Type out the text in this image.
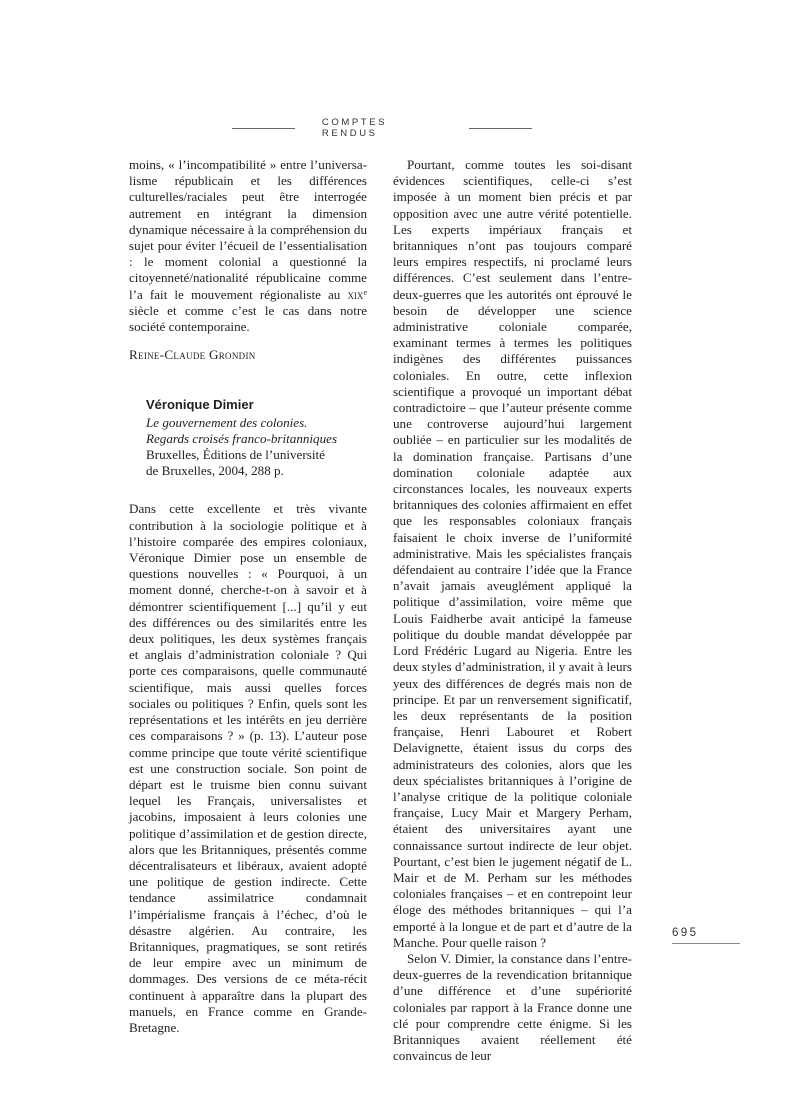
COMPTES RENDUS

moins, « l’incompatibilité » entre l’universa-lisme républicain et les différences culturelles/raciales peut être interrogée autrement en intégrant la dimension dynamique nécessaire à la compréhension du sujet pour éviter l’écueil de l’essentialisation : le moment colonial a questionné la citoyenneté/nationalité républicaine comme l’a fait le mouvement régionaliste au xix$^e$ siècle et comme c’est le cas dans notre société contemporaine.

Reine-Claude Grondin

Véronique Dimier
Le gouvernement des colonies.
Regards croisés franco-britanniques
Bruxelles, Éditions de l’université
de Bruxelles, 2004, 288 p.

Dans cette excellente et très vivante contribution à la sociologie politique et à l’histoire comparée des empires coloniaux, Véronique Dimier pose un ensemble de questions nouvelles : « Pourquoi, à un moment donné, cherche-t-on à savoir et à démontrer scientifiquement [...] qu’il y eut des différences ou des similarités entre les deux politiques, les deux systèmes français et anglais d’administration coloniale ? Qui porte ces comparaisons, quelle communauté scientifique, mais aussi quelles forces sociales ou politiques ? Enfin, quels sont les représentations et les intérêts en jeu derrière ces comparaisons ? » (p. 13). L’auteur pose comme principe que toute vérité scientifique est une construction sociale. Son point de départ est le truisme bien connu suivant lequel les Français, universalistes et jacobins, imposaient à leurs colonies une politique d’assimilation et de gestion directe, alors que les Britanniques, présentés comme décentralisateurs et libéraux, avaient adopté une politique de gestion indirecte. Cette tendance assimilatrice condamnait l’impérialisme français à l’échec, d’où le désastre algérien. Au contraire, les Britanniques, pragmatiques, se sont retirés de leur empire avec un minimum de dommages. Des versions de ce méta-récit continuent à apparaître dans la plupart des manuels, en France comme en Grande-Bretagne.

Pourtant, comme toutes les soi-disant évidences scientifiques, celle-ci s’est imposée à un moment bien précis et par opposition avec une autre vérité potentielle. Les experts impériaux français et britanniques n’ont pas toujours comparé leurs empires respectifs, ni proclamé leurs différences. C’est seulement dans l’entre-deux-guerres que les autorités ont éprouvé le besoin de développer une science administrative coloniale comparée, examinant termes à termes les politiques indigènes des différentes puissances coloniales. En outre, cette inflexion scientifique a provoqué un important débat contradictoire – que l’auteur présente comme une controverse aujourd’hui largement oubliée – en particulier sur les modalités de la domination française. Partisans d’une domination coloniale adaptée aux circonstances locales, les nouveaux experts britanniques des colonies affirmaient en effet que les responsables coloniaux français faisaient le choix inverse de l’uniformité administrative. Mais les spécialistes français défendaient au contraire l’idée que la France n’avait jamais aveuglément appliqué la politique d’assimilation, voire même que Louis Faidherbe avait anticipé la fameuse politique du double mandat développée par Lord Frédéric Lugard au Nigeria. Entre les deux styles d’administration, il y avait à leurs yeux des différences de degrés mais non de principe. Et par un renversement significatif, les deux représentants de la position française, Henri Labouret et Robert Delavignette, étaient issus du corps des administrateurs des colonies, alors que les deux spécialistes britanniques à l’origine de l’analyse critique de la politique coloniale française, Lucy Mair et Margery Perham, étaient des universitaires ayant une connaissance surtout indirecte de leur objet. Pourtant, c’est bien le jugement négatif de L. Mair et de M. Perham sur les méthodes coloniales françaises – et en contrepoint leur éloge des méthodes britanniques – qui l’a emporté à la longue et de part et d’autre de la Manche. Pour quelle raison ?

Selon V. Dimier, la constance dans l’entre-deux-guerres de la revendication britannique d’une différence et d’une supériorité coloniales par rapport à la France donne une clé pour comprendre cette énigme. Si les Britanniques avaient réellement été convaincus de leur

695
